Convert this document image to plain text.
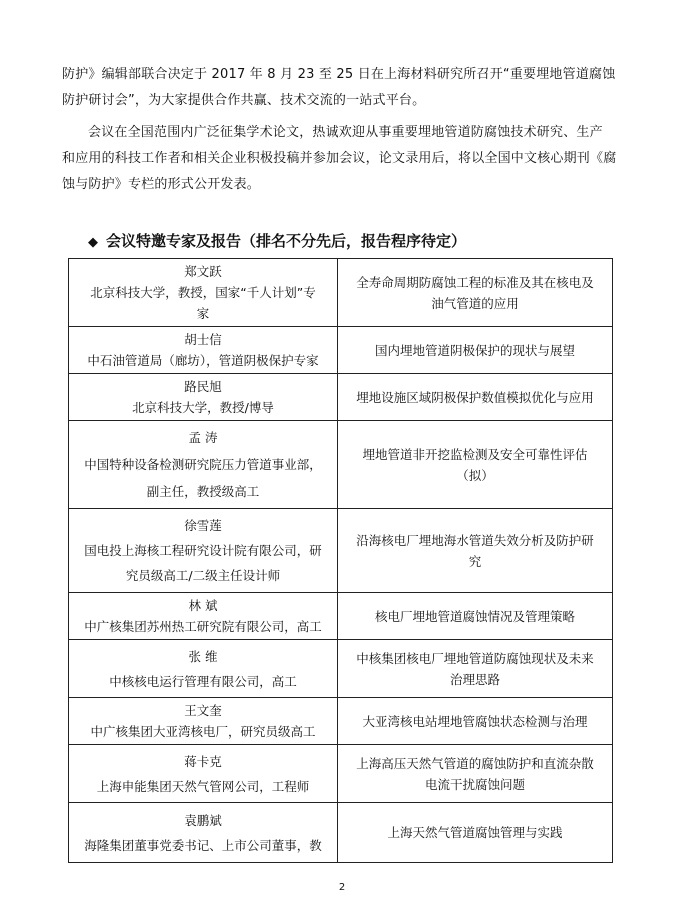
防护》编辑部联合决定于 2017 年 8 月 23 至 25 日在上海材料研究所召开“重要埋地管道腐蚀
防护研讨会”，为大家提供合作共赢、技术交流的一站式平台。

会议在全国范围内广泛征集学术论文，热诚欢迎从事重要埋地管道防腐蚀技术研究、生产
和应用的科技工作者和相关企业积极投稿并参加会议，论文录用后，将以全国中文核心期刊《腐
蚀与防护》专栏的形式公开发表。

◆ 会议特邀专家及报告（排名不分先后，报告程序待定）
郑文跃
北京科技大学，教授，国家“千人计划”专
家	全寿命周期防腐蚀工程的标准及其在核电及
油气管道的应用

胡士信
中石油管道局（廊坊），管道阴极保护专家	国内埋地管道阴极保护的现状与展望

路民旭
北京科技大学，教授/博导	埋地设施区域阴极保护数值模拟优化与应用

孟 涛
中国特种设备检测研究院压力管道事业部，
副主任，教授级高工	埋地管道非开挖监检测及安全可靠性评估
（拟）

徐雪莲
国电投上海核工程研究设计院有限公司，研
究员级高工/二级主任设计师	沿海核电厂埋地海水管道失效分析及防护研
究

林 斌
中广核集团苏州热工研究院有限公司，高工	核电厂埋地管道腐蚀情况及管理策略

张 维
中核核电运行管理有限公司，高工	中核集团核电厂埋地管道防腐蚀现状及未来
治理思路

王文奎
中广核集团大亚湾核电厂，研究员级高工	大亚湾核电站埋地管腐蚀状态检测与治理

蒋卡克
上海申能集团天然气管网公司，工程师	上海高压天然气管道的腐蚀防护和直流杂散
电流干扰腐蚀问题

袁鹏斌
海隆集团董事党委书记、上市公司董事，教	上海天然气管道腐蚀管理与实践
2
